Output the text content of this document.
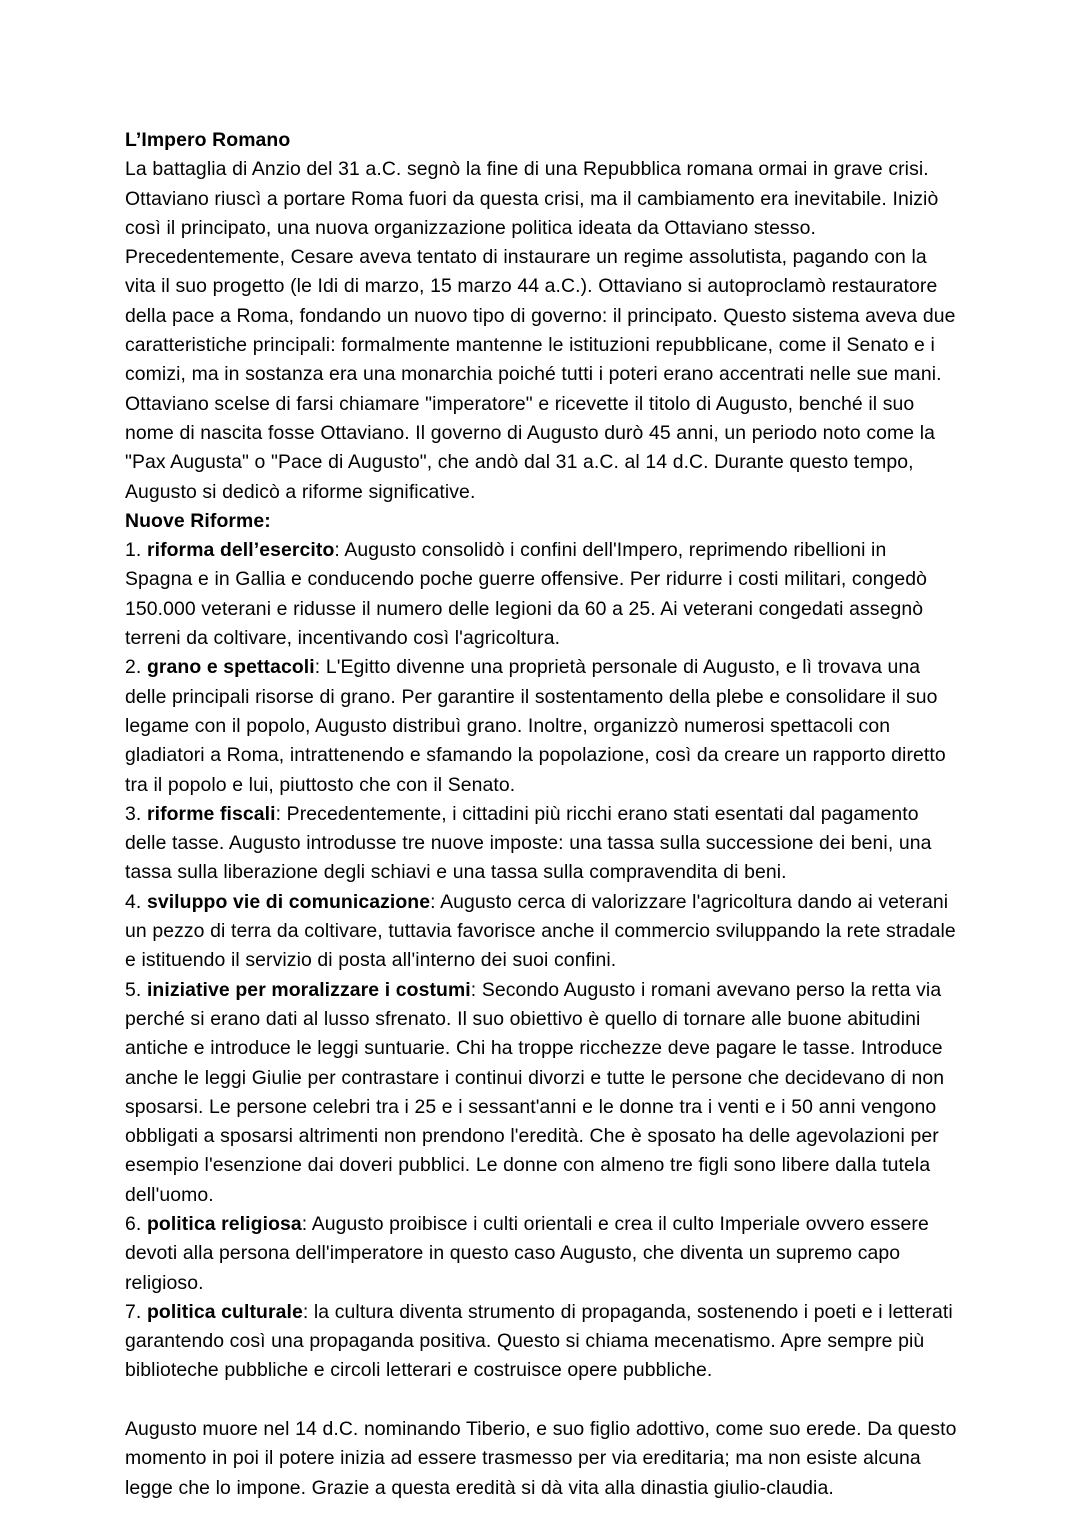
L’Impero Romano

La battaglia di Anzio del 31 a.C. segnò la fine di una Repubblica romana ormai in grave crisi. Ottaviano riuscì a portare Roma fuori da questa crisi, ma il cambiamento era inevitabile. Iniziò così il principato, una nuova organizzazione politica ideata da Ottaviano stesso. Precedentemente, Cesare aveva tentato di instaurare un regime assolutista, pagando con la vita il suo progetto (le Idi di marzo, 15 marzo 44 a.C.). Ottaviano si autoproclamò restauratore della pace a Roma, fondando un nuovo tipo di governo: il principato. Questo sistema aveva due caratteristiche principali: formalmente mantenne le istituzioni repubblicane, come il Senato e i comizi, ma in sostanza era una monarchia poiché tutti i poteri erano accentrati nelle sue mani. Ottaviano scelse di farsi chiamare "imperatore" e ricevette il titolo di Augusto, benché il suo nome di nascita fosse Ottaviano. Il governo di Augusto durò 45 anni, un periodo noto come la "Pax Augusta" o "Pace di Augusto", che andò dal 31 a.C. al 14 d.C. Durante questo tempo, Augusto si dedicò a riforme significative.

Nuove Riforme:

1. riforma dell’esercito: Augusto consolidò i confini dell'Impero, reprimendo ribellioni in Spagna e in Gallia e conducendo poche guerre offensive. Per ridurre i costi militari, congedò 150.000 veterani e ridusse il numero delle legioni da 60 a 25. Ai veterani congedati assegnò terreni da coltivare, incentivando così l'agricoltura.

2. grano e spettacoli: L'Egitto divenne una proprietà personale di Augusto, e lì trovava una delle principali risorse di grano. Per garantire il sostentamento della plebe e consolidare il suo legame con il popolo, Augusto distribuì grano. Inoltre, organizzò numerosi spettacoli con gladiatori a Roma, intrattenendo e sfamando la popolazione, così da creare un rapporto diretto tra il popolo e lui, piuttosto che con il Senato.

3. riforme fiscali: Precedentemente, i cittadini più ricchi erano stati esentati dal pagamento delle tasse. Augusto introdusse tre nuove imposte: una tassa sulla successione dei beni, una tassa sulla liberazione degli schiavi e una tassa sulla compravendita di beni.

4. sviluppo vie di comunicazione: Augusto cerca di valorizzare l'agricoltura dando ai veterani un pezzo di terra da coltivare, tuttavia favorisce anche il commercio sviluppando la rete stradale e istituendo il servizio di posta all'interno dei suoi confini.

5. iniziative per moralizzare i costumi: Secondo Augusto i romani avevano perso la retta via perché si erano dati al lusso sfrenato. Il suo obiettivo è quello di tornare alle buone abitudini antiche e introduce le leggi suntuarie. Chi ha troppe ricchezze deve pagare le tasse. Introduce anche le leggi Giulie per contrastare i continui divorzi e tutte le persone che decidevano di non sposarsi. Le persone celebri tra i 25 e i sessant'anni e le donne tra i venti e i 50 anni vengono obbligati a sposarsi altrimenti non prendono l'eredità. Che è sposato ha delle agevolazioni per esempio l'esenzione dai doveri pubblici. Le donne con almeno tre figli sono libere dalla tutela dell'uomo.

6. politica religiosa: Augusto proibisce i culti orientali e crea il culto Imperiale ovvero essere devoti alla persona dell'imperatore in questo caso Augusto, che diventa un supremo capo religioso.

7. politica culturale: la cultura diventa strumento di propaganda, sostenendo i poeti e i letterati garantendo così una propaganda positiva. Questo si chiama mecenatismo. Apre sempre più biblioteche pubbliche e circoli letterari e costruisce opere pubbliche.

Augusto muore nel 14 d.C. nominando Tiberio, e suo figlio adottivo, come suo erede. Da questo momento in poi il potere inizia ad essere trasmesso per via ereditaria; ma non esiste alcuna legge che lo impone. Grazie a questa eredità si dà vita alla dinastia giulio-claudia.
